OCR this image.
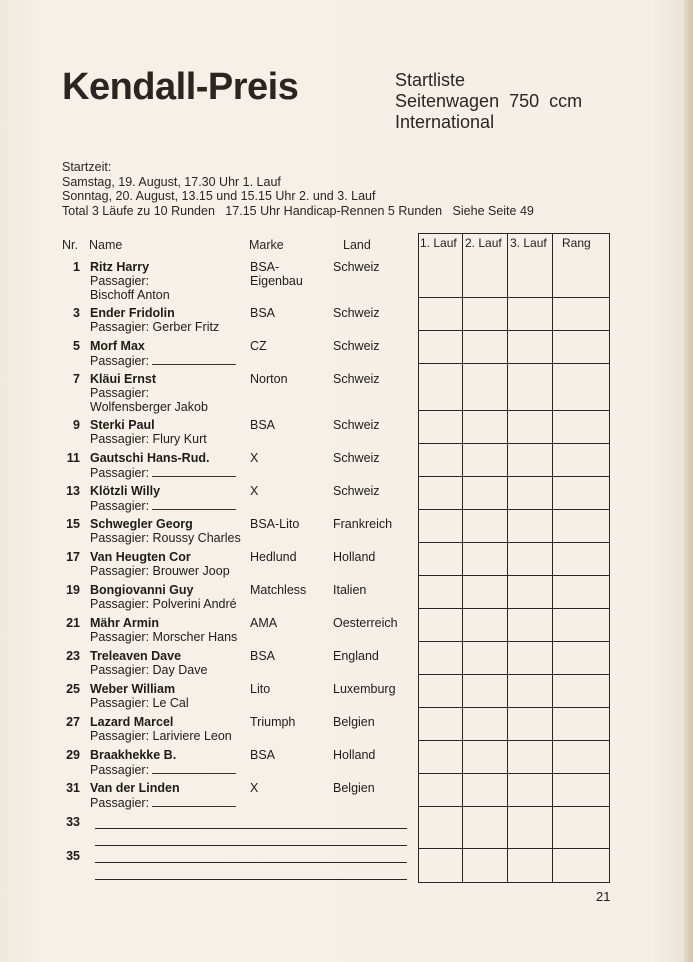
Kendall-Preis	Startliste
Seitenwagen 750 ccm
International
Startzeit:
Samstag, 19. August, 17.30 Uhr 1. Lauf
Sonntag, 20. August, 13.15 und 15.15 Uhr 2. und 3. Lauf
Total 3 Läufe zu 10 Runden   17.15 Uhr Handicap-Rennen 5 Runden   Siehe Seite 49
Nr. Name	Marke	Land	1. Lauf 2. Lauf 3. Lauf Rang
1 Ritz Harry
Passagier:
Bischoff Anton
BSA-
Eigenbau
Schweiz
3 Ender Fridolin
Passagier: Gerber Fritz
BSA	Schweiz
5 Morf Max
Passagier:
CZ	Schweiz
7 Kläui Ernst
Passagier:
Wolfensberger Jakob
Norton	Schweiz
9 Sterki Paul
Passagier: Flury Kurt
BSA	Schweiz
11 Gautschi Hans-Rud.
Passagier:
X	Schweiz
13 Klötzli Willy
Passagier:
X	Schweiz
15 Schwegler Georg
Passagier: Roussy Charles
BSA-Lito	Frankreich
17 Van Heugten Cor
Passagier: Brouwer Joop
Hedlund	Holland
19 Bongiovanni Guy
Passagier: Polverini André
Matchless Italien
21 Mähr Armin
Passagier: Morscher Hans
AMA	Oesterreich
23 Treleaven Dave
Passagier: Day Dave
BSA	England
25 Weber William
Passagier: Le Cal
Lito	Luxemburg
27 Lazard Marcel
Passagier: Lariviere Leon
Triumph	Belgien
29 Braakhekke B.
Passagier:
BSA	Holland
31 Van der Linden
Passagier:
X	Belgien
33
35
21
